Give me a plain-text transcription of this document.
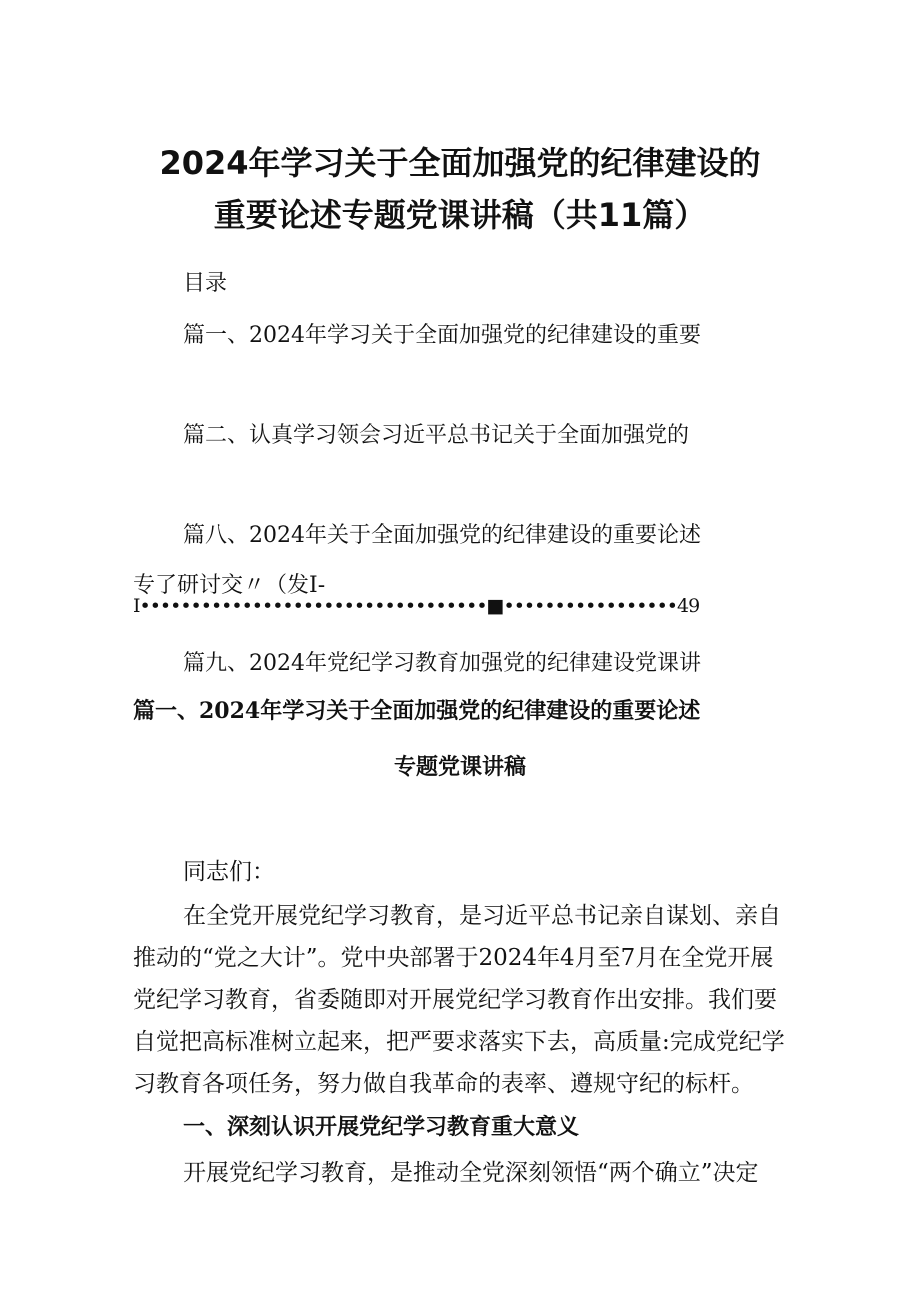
2024年学习关于全面加强党的纪律建设的
重要论述专题党课讲稿（共11篇）
目录
篇一、2024年学习关于全面加强党的纪律建设的重要
篇二、认真学习领会习近平总书记关于全面加强党的
篇八、2024年关于全面加强党的纪律建设的重要论述
专了研讨交〃（发I-
I••••••••••••••••••••••••••••••••••■•••••••••••••••••49
篇九、2024年党纪学习教育加强党的纪律建设党课讲
篇一、2024年学习关于全面加强党的纪律建设的重要论述
专题党课讲稿
同志们：
在全党开展党纪学习教育，是习近平总书记亲自谋划、亲自
推动的“党之大计”。党中央部署于2024年4月至7月在全党开展
党纪学习教育，省委随即对开展党纪学习教育作出安排。我们要
自觉把高标准树立起来，把严要求落实下去，高质量:完成党纪学
习教育各项任务，努力做自我革命的表率、遵规守纪的标杆。
一、深刻认识开展党纪学习教育重大意义
开展党纪学习教育，是推动全党深刻领悟“两个确立”决定
